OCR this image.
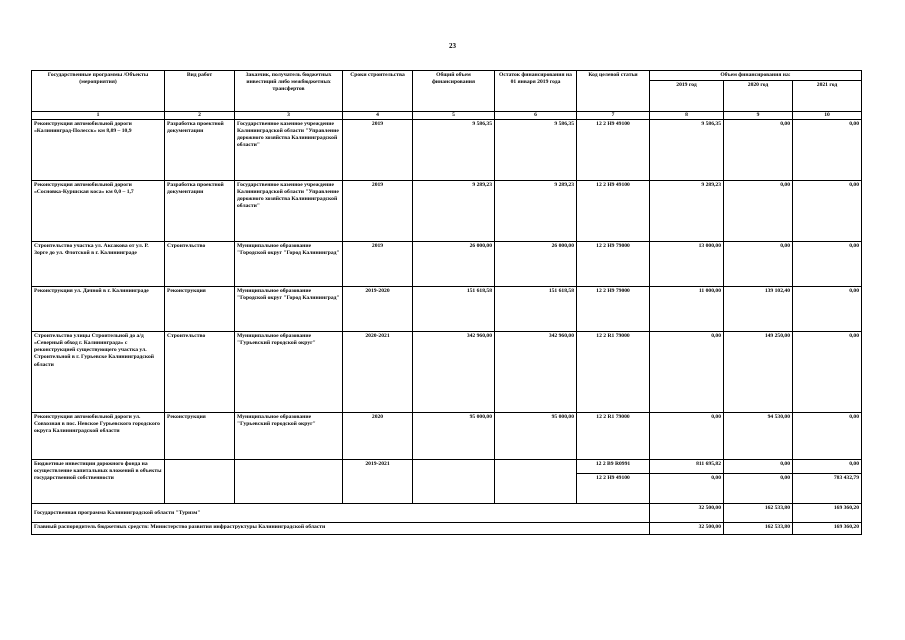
23
Государственные программы /Объекты (мероприятия)	Вид работ	Заказчик, получатель бюджетных инвестиций либо межбюджетных трансфертов	Сроки строительства	Общий объем финансирования	Остаток финансирования на 01 января 2019 года	Код целевой статьи	Объем финансирования на:		
							2019 год	2020 год	2021 год
1	2	3	4	5	6	7	8	9	10
Реконструкция автомобильной дороги «Калининград-Полесск» км 8,09 – 10,9	Разработка проектной документации	Государственное казенное учреждение Калининградской области "Управление дорожного хозяйства Калининградской области"	2019	9 586,35	9 586,35	12 2 H9 49100	9 586,35	0,00	0,00
Реконструкция автомобильной дороги «Сосновка-Куршская коса» км 0,0 – 1,7	Разработка проектной документации	Государственное казенное учреждение Калининградской области "Управление дорожного хозяйства Калининградской области"	2019	9 289,23	9 289,23	12 2 H9 49100	9 289,23	0,00	0,00
Строительство участка ул. Аксакова от ул. Р. Зорге до ул. Флотской в г. Калининграде	Строительство	Муниципальное образование "Городской округ "Город Калининград"	2019	26 000,00	26 000,00	12 2 H9 79000	13 000,00	0,00	0,00
Реконструкция ул. Дачной в г. Калининграде	Реконструкция	Муниципальное образование "Городской округ "Город Калининград"	2019-2020	151 618,58	151 618,58	12 2 H9 79000	11 000,00	139 102,40	0,00
Строительство улицы Строительной до а/д «Северный обход г. Калининграда» с реконструкцией существующего участка ул. Строительной в г. Гурьевске Калининградской области	Строительство	Муниципальное образование "Гурьевский городской округ"	2020-2021	342 960,00	342 960,00	12 2 R1 79000	0,00	149 250,00	0,00
Реконструкция автомобильной дороги ул. Совхозная в пос. Невское Гурьевского городского округа Калининградской области	Реконструкция	Муниципальное образование "Гурьевский городской округ"	2020	95 000,00	95 000,00	12 2 R1 79000	0,00	94 530,00	0,00
Бюджетные инвестиции дорожного фонда на осуществление капитальных вложений в объекты государственной собственности			2019-2021			12 2 B9 R0991	811 695,82	0,00	0,00
						12 2 H9 49100	0,00	0,00	783 432,79
Государственная программа Калининградской области "Туризм"							32 500,00	162 533,80	169 360,20
Главный распорядитель бюджетных средств: Министерство развития инфраструктуры Калининградской области							32 500,00	162 533,80	169 360,20
